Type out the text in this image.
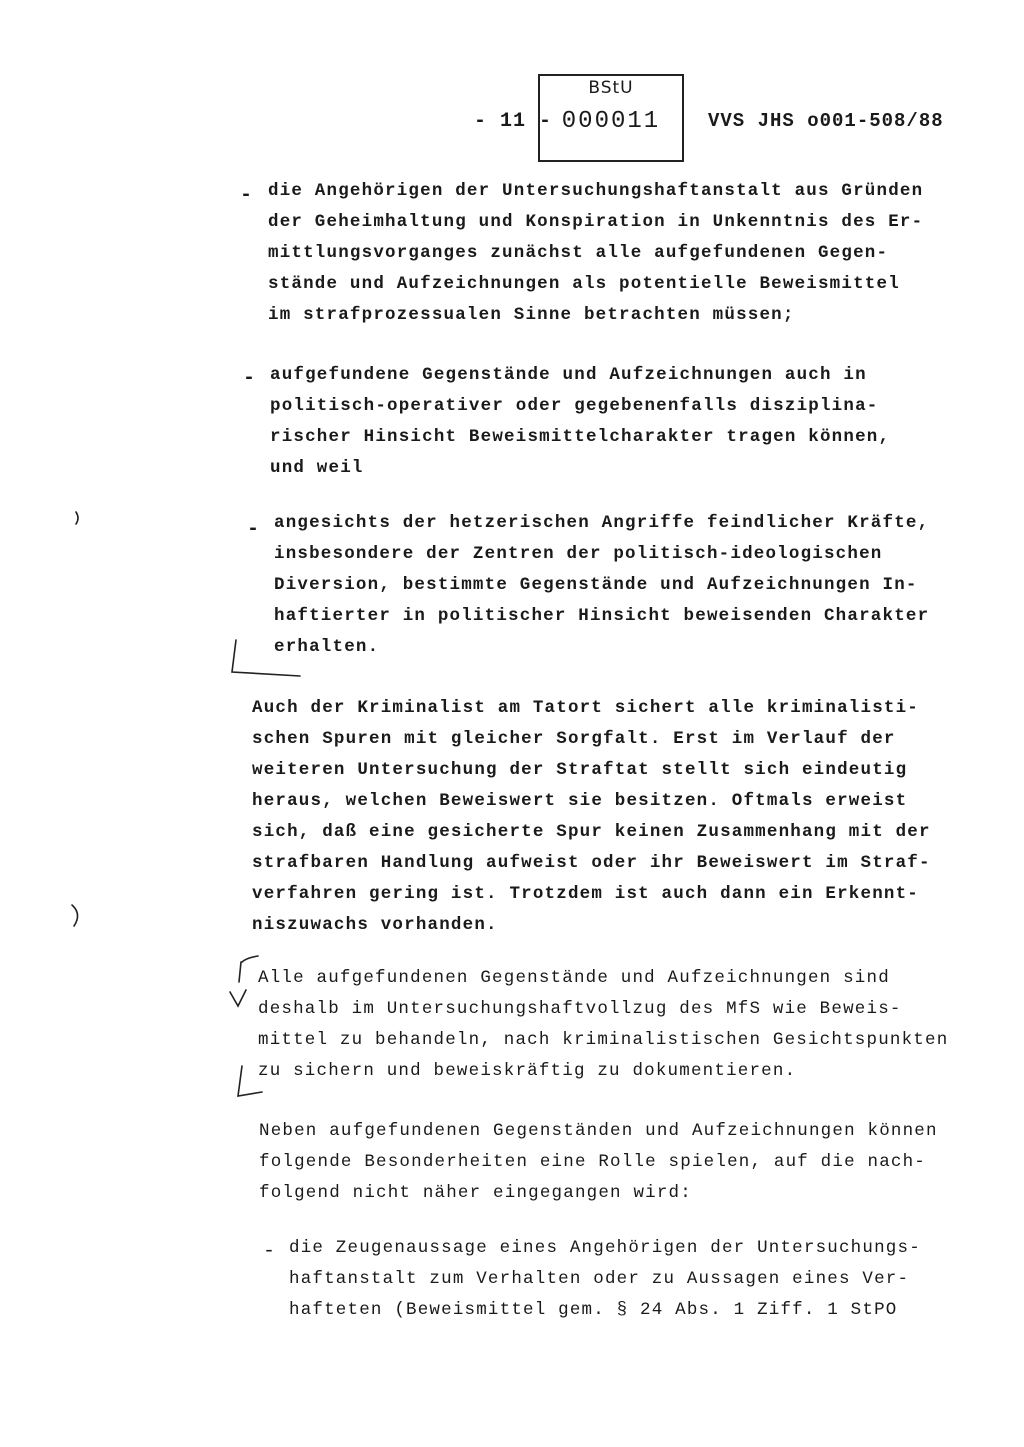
- 11 -
BStU
000011	VVS JHS o001-508/88
- die Angehörigen der Untersuchungshaftanstalt aus Gründen
der Geheimhaltung und Konspiration in Unkenntnis des Er-
mittlungsvorganges zunächst alle aufgefundenen Gegen-
stände und Aufzeichnungen als potentielle Beweismittel
im strafprozessualen Sinne betrachten müssen;
- aufgefundene Gegenstände und Aufzeichnungen auch in
politisch-operativer oder gegebenenfalls disziplina-
rischer Hinsicht Beweismittelcharakter tragen können,
und weil
- angesichts der hetzerischen Angriffe feindlicher Kräfte,
insbesondere der Zentren der politisch-ideologischen
Diversion, bestimmte Gegenstände und Aufzeichnungen In-
haftierter in politischer Hinsicht beweisenden Charakter
erhalten.
Auch der Kriminalist am Tatort sichert alle kriminalisti-
schen Spuren mit gleicher Sorgfalt. Erst im Verlauf der
weiteren Untersuchung der Straftat stellt sich eindeutig
heraus, welchen Beweiswert sie besitzen. Oftmals erweist
sich, daß eine gesicherte Spur keinen Zusammenhang mit der
strafbaren Handlung aufweist oder ihr Beweiswert im Straf-
verfahren gering ist. Trotzdem ist auch dann ein Erkennt-
niszuwachs vorhanden.
Alle aufgefundenen Gegenstände und Aufzeichnungen sind
deshalb im Untersuchungshaftvollzug des MfS wie Beweis-
mittel zu behandeln, nach kriminalistischen Gesichtspunkten
zu sichern und beweiskräftig zu dokumentieren.
Neben aufgefundenen Gegenständen und Aufzeichnungen können
folgende Besonderheiten eine Rolle spielen, auf die nach-
folgend nicht näher eingegangen wird:
- die Zeugenaussage eines Angehörigen der Untersuchungs-
haftanstalt zum Verhalten oder zu Aussagen eines Ver-
hafteten (Beweismittel gem. § 24 Abs. 1 Ziff. 1 StPO
